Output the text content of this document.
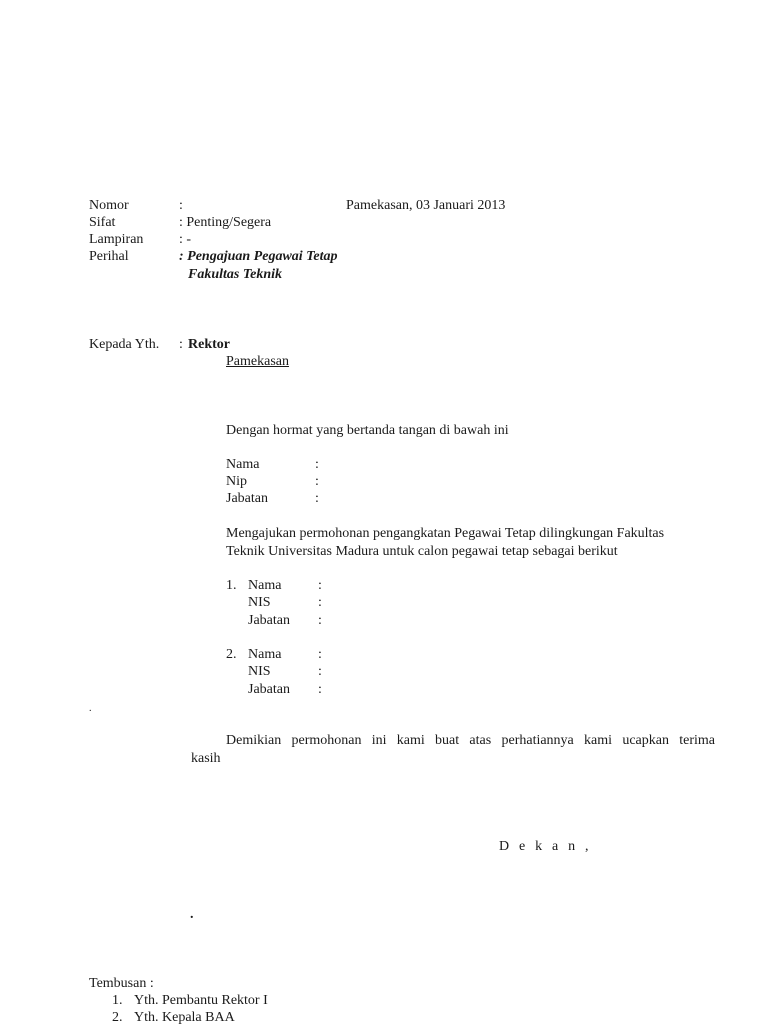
Nomor	:	Pamekasan, 03 Januari 2013
Sifat	: Penting/Segera
Lampiran	: -
Perihal	: Pengajuan Pegawai Tetap
Fakultas Teknik
Kepada Yth. : Rektor
Pamekasan
Dengan hormat yang bertanda tangan di bawah ini
Nama	:
Nip	:
Jabatan	:
Mengajukan permohonan pengangkatan Pegawai Tetap dilingkungan Fakultas
Teknik Universitas Madura untuk calon pegawai tetap sebagai berikut
1. Nama	:
NIS	:
Jabatan :
2. Nama	:
NIS	:
Jabatan :
.
Demikian permohonan ini kami buat atas perhatiannya kami ucapkan terima
kasih
D e k a n ,
.
Tembusan :
1. Yth. Pembantu Rektor I
2. Yth. Kepala BAA
